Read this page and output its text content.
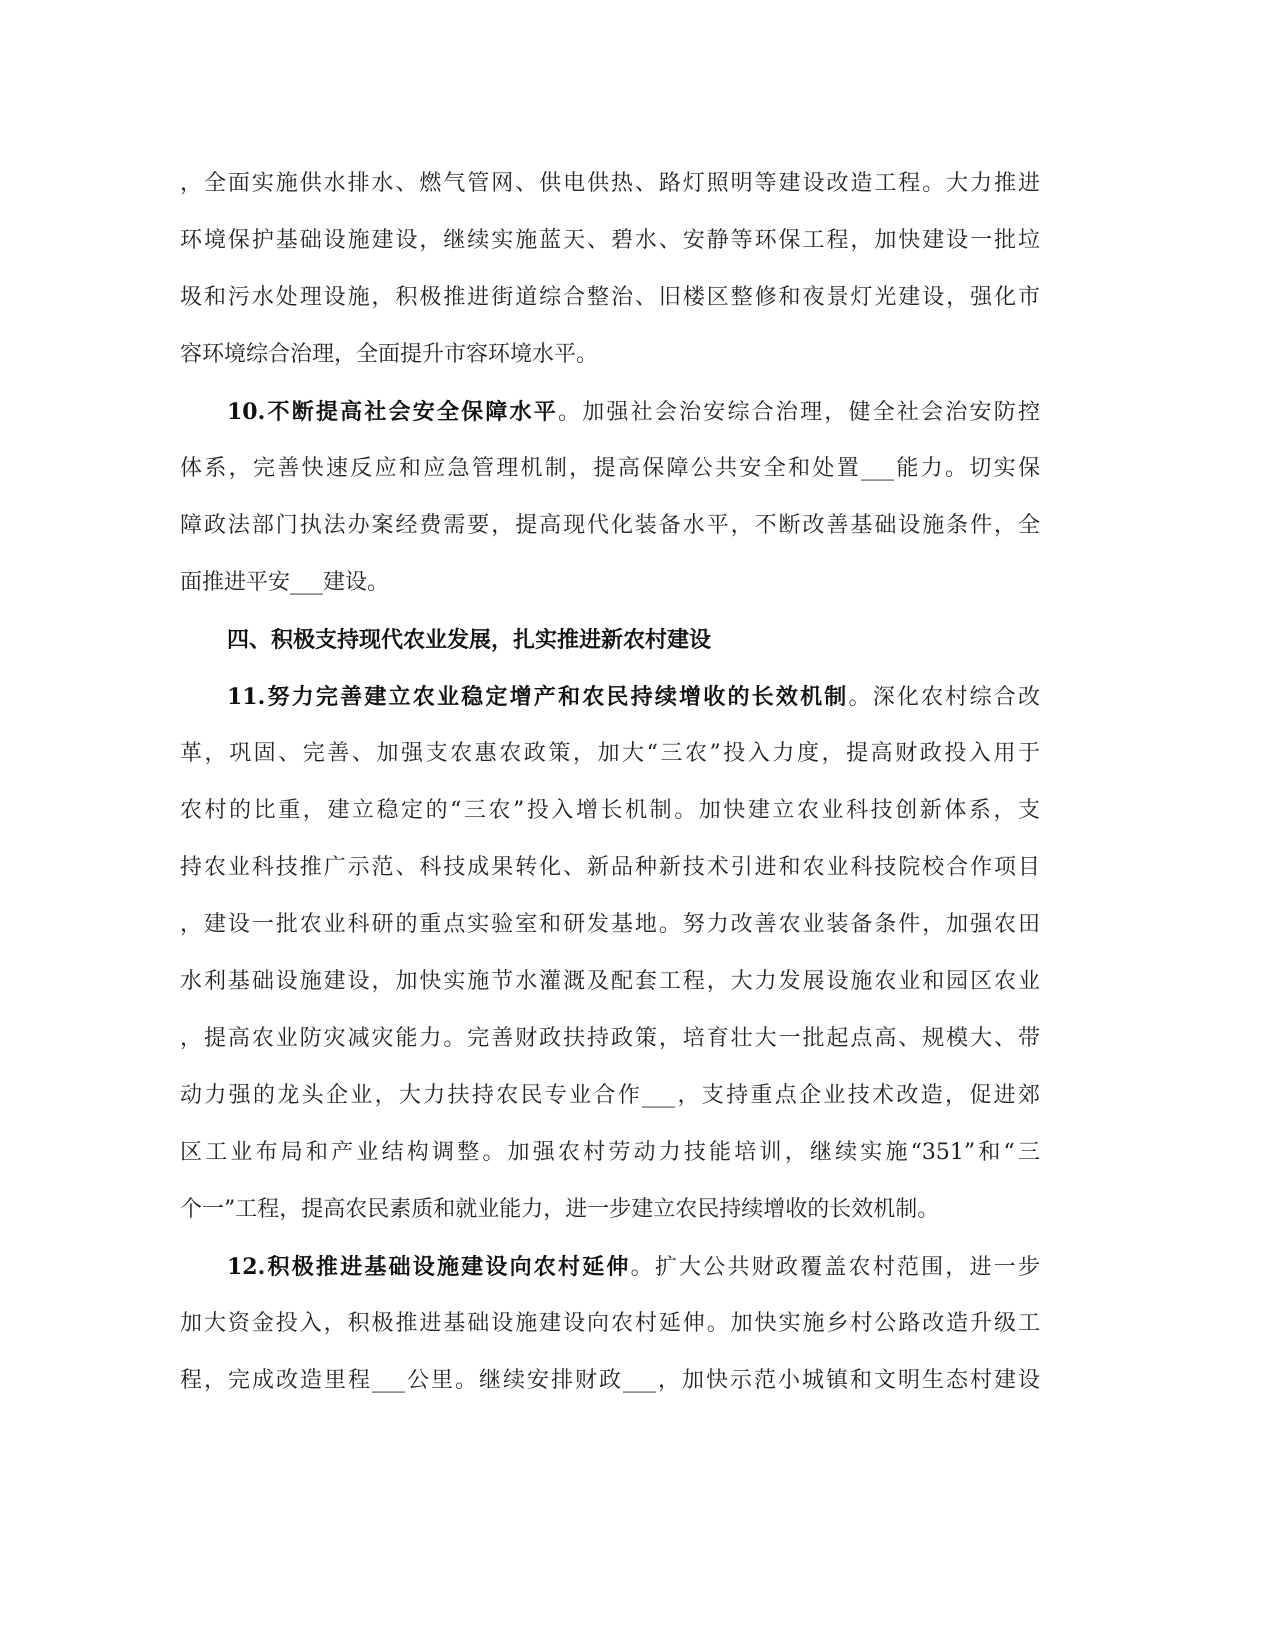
，全面实施供水排水、燃气管网、供电供热、路灯照明等建设改造工程。大力推进
环境保护基础设施建设，继续实施蓝天、碧水、安静等环保工程，加快建设一批垃
圾和污水处理设施，积极推进街道综合整治、旧楼区整修和夜景灯光建设，强化市
容环境综合治理，全面提升市容环境水平。
10.不断提高社会安全保障水平。加强社会治安综合治理，健全社会治安防控
体系，完善快速反应和应急管理机制，提高保障公共安全和处置___能力。切实保
障政法部门执法办案经费需要，提高现代化装备水平，不断改善基础设施条件，全
面推进平安___建设。
四、积极支持现代农业发展，扎实推进新农村建设
11.努力完善建立农业稳定增产和农民持续增收的长效机制。深化农村综合改
革，巩固、完善、加强支农惠农政策，加大“三农”投入力度，提高财政投入用于
农村的比重，建立稳定的“三农”投入增长机制。加快建立农业科技创新体系，支
持农业科技推广示范、科技成果转化、新品种新技术引进和农业科技院校合作项目
，建设一批农业科研的重点实验室和研发基地。努力改善农业装备条件，加强农田
水利基础设施建设，加快实施节水灌溉及配套工程，大力发展设施农业和园区农业
，提高农业防灾减灾能力。完善财政扶持政策，培育壮大一批起点高、规模大、带
动力强的龙头企业，大力扶持农民专业合作___，支持重点企业技术改造，促进郊
区工业布局和产业结构调整。加强农村劳动力技能培训，继续实施“351”和“三
个一”工程，提高农民素质和就业能力，进一步建立农民持续增收的长效机制。
12.积极推进基础设施建设向农村延伸。扩大公共财政覆盖农村范围，进一步
加大资金投入，积极推进基础设施建设向农村延伸。加快实施乡村公路改造升级工
程，完成改造里程___公里。继续安排财政___，加快示范小城镇和文明生态村建设
